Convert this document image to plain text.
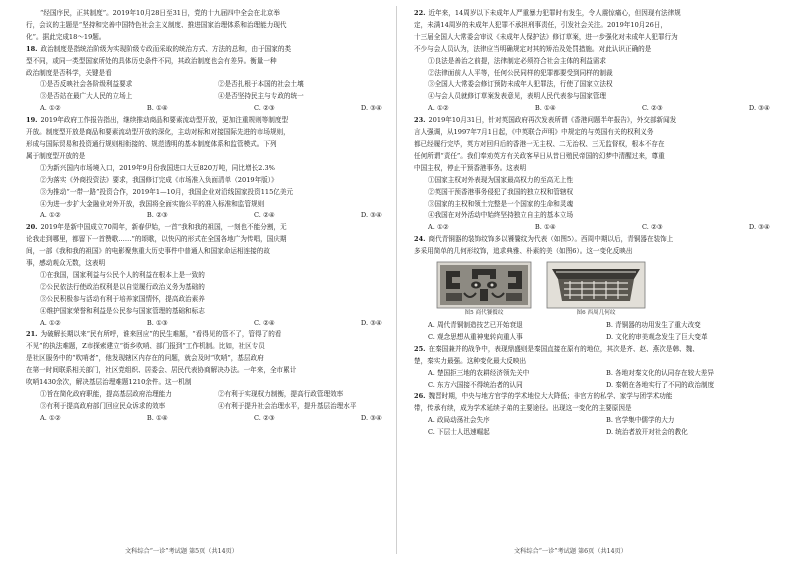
“经国序民，正其制度”。2019年10月28日至31日，党的十九届四中全会在北京举

行，会议的主题是“坚持和完善中国特色社会主义制度、推进国家治理体系和治理能力现代

化”。据此完成18～19题。

18. 政治制度是指统治阶级为实现阶级专政而采取的统治方式、方法的总和，由于国家的类

型不同，或同一类型国家所处的具体历史条件不同，其政治制度也会有差异。衡量一种

政治制度是否科学，关键是看

①是否反映社会各阶级利益要求	②是否扎根于本国的社会土壤
③是否站在最广大人民的立场上	④是否坚持民主与专政的统一
A. ①②	B. ①④	C. ②③	D. ③④

19. 2019年政府工作报告指出，继续推动商品和要素流动型开放，更加注重规则等制度型

开放。制度型开放是商品和要素流动型开放的深化，主动对标和对接国际先进的市场规则，

形成与国际贸易和投资通行规则相衔接的、规范透明的基本制度体系和监管模式。下列

属于制度型开放的是

①为新兴国内市场境入口，2019年9月份我国进口大豆820万吨，同比增长2.3%

②为落实《外商投资法》要求，我国修订完成《市场准入负面清单（2019年版）》

③为推动“一带一路”投资合作，2019年1—10月，我国企业对沿线国家投资115亿美元

④为进一步扩大金融业对外开放，我国将全面实施公平的准入标准和监管规则

A. ①②	B. ②③	C. ②④	D. ③④

20. 2019年是新中国成立70周年，新春伊始，一首“我和我的祖国，一刻也不能分割，无

论我走到哪里，都留下一首赞歌……”的颂歌，以快闪的形式在全国各地广为传唱，国庆期

间，一部《我和我的祖国》的电影聚焦重大历史事件中普通人和国家命运相连接的故

事，感动观众无数，这表明

①在我国，国家利益与公民个人的利益在根本上是一致的

②公民依法行使政治权利是以自觉履行政治义务为基础的

③公民积极参与活动有利于培养家国情怀，提高政治素养

④维护国家荣誉和利益是公民参与国家管理的基础和标志

A. ①②	B. ①③	C. ②④	D. ③④

21. 为破解长期以来“民有所呼，谁来回应”的民生难题，“看得见的管不了，管得了的看

不见”的执法难题，Z市探索建立“街乡吹哨、部门报到”工作机制。比如，社区专员

是社区服务中的“吹哨者”，他发现辖区内存在的问题，就会及时“吹哨”，基层政府

在第一时间联系相关部门，社区党组织、居委会、居民代表协商解决办法。一年来，全市累计

吹哨1430余次，解决基层治理难题1210余件。这一机制

①旨在简化政府职能，提高基层政府治理能力	②有利于实现权力制衡，提高行政管理效率
③有利于提高政府部门回应民众诉求的效率	④有利于提升社会治理水平，提升基层治理水平
A. ①②	B. ①④	C. ②③	D. ③④

22. 近年来，14周岁以下未成年人严重暴力犯罪时有发生，令人震惊痛心，但因现有法律规

定，未满14周岁的未成年人犯罪不承担刑事责任，引发社会关注。2019年10月26日，

十三届全国人大常委会审议《未成年人保护法》修订草案，进一步强化对未成年人犯罪行为

不少与会人员认为，法律应当明确规定对其的矫治及处罚措施。对此认识正确的是

①良法是善治之前提，法律制定必须符合社会主体的利益需求

②法律面前人人平等，任何公民同样的犯罪都要受到同样的制裁

③全国人大常委会修订预防未成年人犯罪法，行使了国家立法权

④与会人员就修订草案发表意见，表明人民代表参与国家管理

A. ①②	B. ①④	C. ②③	D. ③④

23. 2019年10月31日，针对英国政府再次发表所谓《香港问题半年报告》，外交部新闻发

言人强调，从1997年7月1日起，《中英联合声明》中规定的与英国有关的权利义务

都已经履行完毕，英方对回归后的香港一无主权、二无治权、三无监督权，根本不存在

任何所谓“责任”。我们奉劝英方有关政客早日从昔日殖民帝国的幻梦中清醒过来，尊重

中国主权，停止干预香港事务。这表明

①国家主权对外表现为国家最高权力的至高无上性

②英国干预香港事务侵犯了我国的独立权和管辖权

③国家的主权和领土完整是一个国家的生命和灵魂

④我国在对外活动中始终坚持独立自主的基本立场

A. ①②	B. ①④	C. ②③	D. ③④

24. 商代青铜器的装饰纹饰多以饕餮纹为代表（如图5）。西周中期以后，青铜器在装饰上

多采用简单的几何形纹饰，追求典雅、朴素的美（如图6）。这一变化反映出

图5 商代饕餮纹	图6 西周几何纹
A. 周代青铜制造技艺已开始衰退	B. 青铜器的功用发生了重大改变
C. 观念思想从重神鬼转向重人事	D. 文化的审美观念发生了巨大变革

25. 在秦国兼并的战争中，表现鼎盛则是秦国直接在原有的地位，其次是齐、赵、燕次是韩、魏、

楚，秦实力最强。这种变化最大反映出

A. 楚国拒三地的农耕经济领先关中	B. 各地对秦文化的认同存在较大差异
C. 东方六国接不得统治者的认同	D. 秦朝在各地实行了不同的政治制度

26. 魏晋时期，中央与地方官学的学术地位大大降低；非官方的私学、家学与团学术功能

带，传承有续，成为学术延续子弟的主要途径。出现这一变化的主要原因是

A. 政局动荡社会失序	B. 官学集中儒学的大力
C. 下层士人迅速崛起	D. 统治者放开对社会的教化
文科综合“一诊”考试题 第5页（共14页）	文科综合“一诊”考试题 第6页（共14页）
